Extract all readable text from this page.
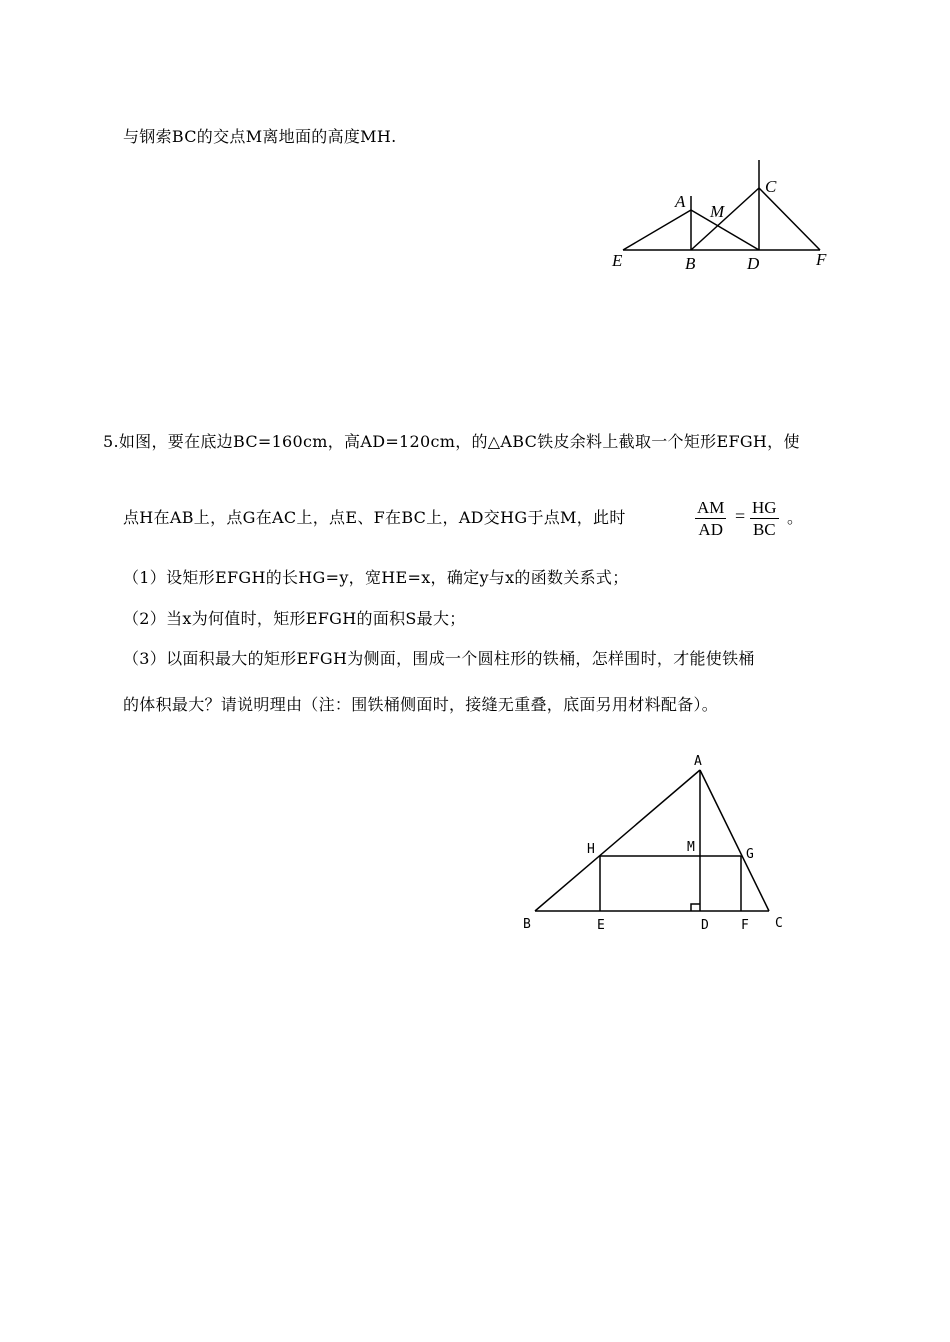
与钢索BC的交点M离地面的高度MH.
A
M
C
E	B	D	F
5.如图，要在底边BC=160cm，高AD=120cm，的△ABC铁皮余料上截取一个矩形EFGH，使
点H在AB上，点G在AC上，点E、F在BC上，AD交HG于点M，此时	$\frac{AM}{AD} = \frac{HG}{BC}$ 。
（1）设矩形EFGH的长HG=y，宽HE=x，确定y与x的函数关系式；
（2）当x为何值时，矩形EFGH的面积S最大；
（3）以面积最大的矩形EFGH为侧面，围成一个圆柱形的铁桶，怎样围时，才能使铁桶
的体积最大？请说明理由（注：围铁桶侧面时，接缝无重叠，底面另用材料配备）。
A
H	M	G
B	E	D F C
